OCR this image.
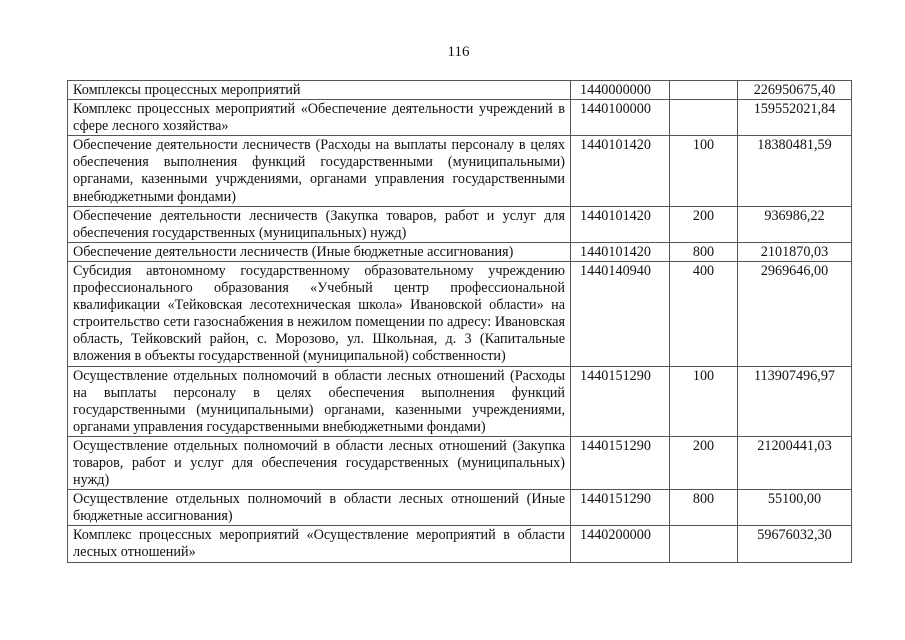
116
Комплексы процессных мероприятий	1440000000		226950675,40
Комплекс процессных мероприятий «Обеспечение деятельности учреждений в сфере лесного хозяйства»	1440100000		159552021,84
Обеспечение деятельности лесничеств (Расходы на выплаты персоналу в целях обеспечения выполнения функций государственными (муниципальными) органами, казенными учрждениями, органами управления государственными внебюджетными фондами)	1440101420	100	18380481,59
Обеспечение деятельности лесничеств (Закупка товаров, работ и услуг для обеспечения государственных (муниципальных) нужд)	1440101420	200	936986,22
Обеспечение деятельности лесничеств (Иные бюджетные ассигнования)	1440101420	800	2101870,03
Субсидия автономному государственному образовательному учреждению профессионального образования «Учебный центр профессиональной квалификации «Тейковская лесотехническая школа» Ивановской области» на строительство сети газоснабжения в нежилом помещении по адресу: Ивановская область, Тейковский район, с. Морозово, ул. Школьная, д. 3 (Капитальные вложения в объекты государственной (муниципальной) собственности)	1440140940	400	2969646,00
Осуществление отдельных полномочий в области лесных отношений (Расходы на выплаты персоналу в целях обеспечения выполнения функций государственными (муниципальными) органами, казенными учреждениями, органами управления государственными внебюджетными фондами)	1440151290	100	113907496,97
Осуществление отдельных полномочий в области лесных отношений (Закупка товаров, работ и услуг для обеспечения государственных (муниципальных) нужд)	1440151290	200	21200441,03
Осуществление отдельных полномочий в области лесных отношений (Иные бюджетные ассигнования)	1440151290	800	55100,00
Комплекс процессных мероприятий «Осуществление мероприятий в области лесных отношений»	1440200000		59676032,30
